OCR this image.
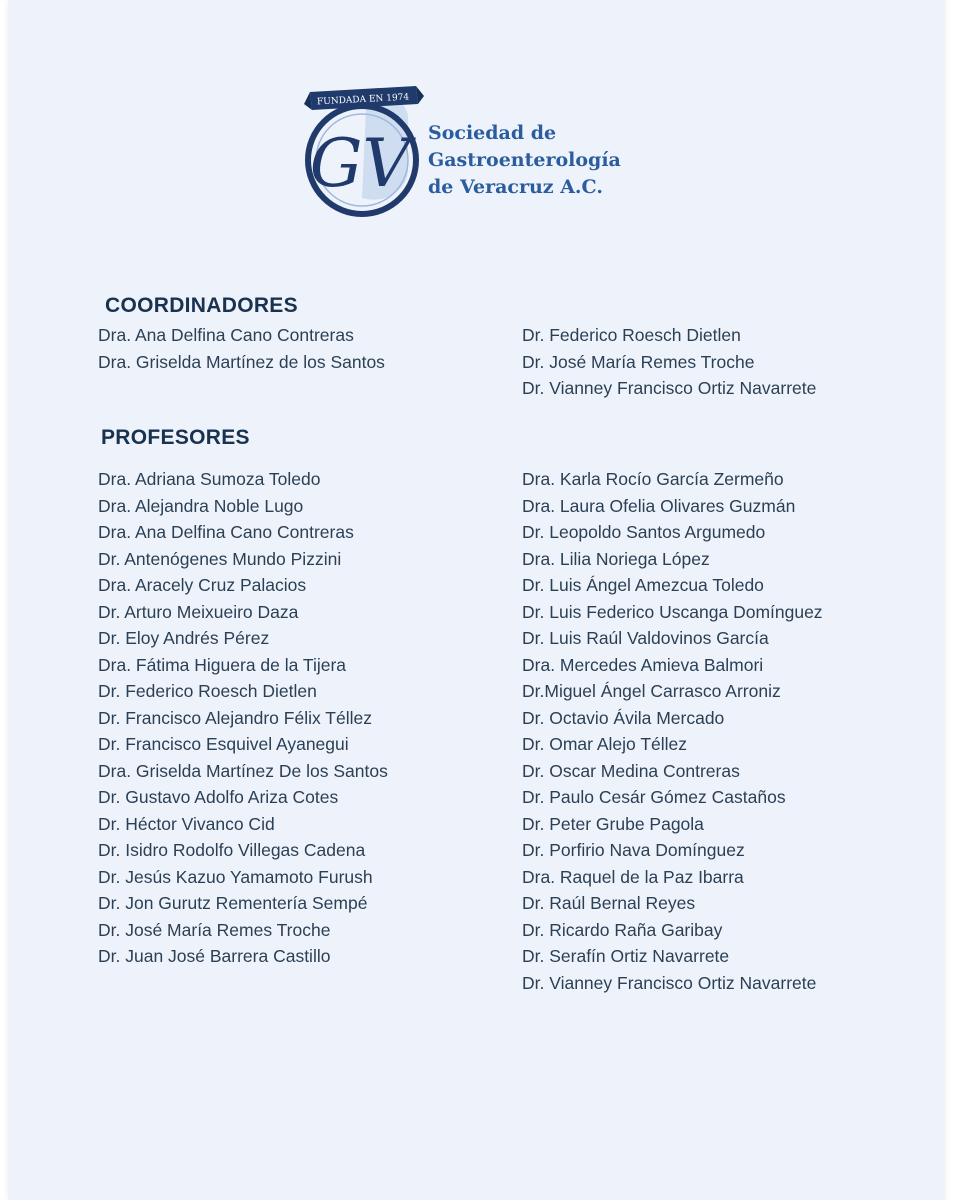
FUNDADA EN 1974
GV Sociedad de
Gastroenterología
de Veracruz A.C.
COORDINADORES
Dra. Ana Delfina Cano Contreras
Dra. Griselda Martínez de los Santos
Dr. Federico Roesch Dietlen
Dr. José María Remes Troche
Dr. Vianney Francisco Ortiz Navarrete
PROFESORES
Dra. Adriana Sumoza Toledo
Dra. Alejandra Noble Lugo
Dra. Ana Delfina Cano Contreras
Dr. Antenógenes Mundo Pizzini
Dra. Aracely Cruz Palacios
Dr. Arturo Meixueiro Daza
Dr. Eloy Andrés Pérez
Dra. Fátima Higuera de la Tijera
Dr. Federico Roesch Dietlen
Dr. Francisco Alejandro Félix Téllez
Dr. Francisco Esquivel Ayanegui
Dra. Griselda Martínez De los Santos
Dr. Gustavo Adolfo Ariza Cotes
Dr. Héctor Vivanco Cid
Dr. Isidro Rodolfo Villegas Cadena
Dr. Jesús Kazuo Yamamoto Furush
Dr. Jon Gurutz Rementería Sempé
Dr. José María Remes Troche
Dr. Juan José Barrera Castillo
Dra. Karla Rocío García Zermeño
Dra. Laura Ofelia Olivares Guzmán
Dr. Leopoldo Santos Argumedo
Dra. Lilia Noriega López
Dr. Luis Ángel Amezcua Toledo
Dr. Luis Federico Uscanga Domínguez
Dr. Luis Raúl Valdovinos García
Dra. Mercedes Amieva Balmori
Dr.Miguel Ángel Carrasco Arroniz
Dr. Octavio Ávila Mercado
Dr. Omar Alejo Téllez
Dr. Oscar Medina Contreras
Dr. Paulo Cesár Gómez Castaños
Dr. Peter Grube Pagola
Dr. Porfirio Nava Domínguez
Dra. Raquel de la Paz Ibarra
Dr. Raúl Bernal Reyes
Dr. Ricardo Raña Garibay
Dr. Serafín Ortiz Navarrete
Dr. Vianney Francisco Ortiz Navarrete
